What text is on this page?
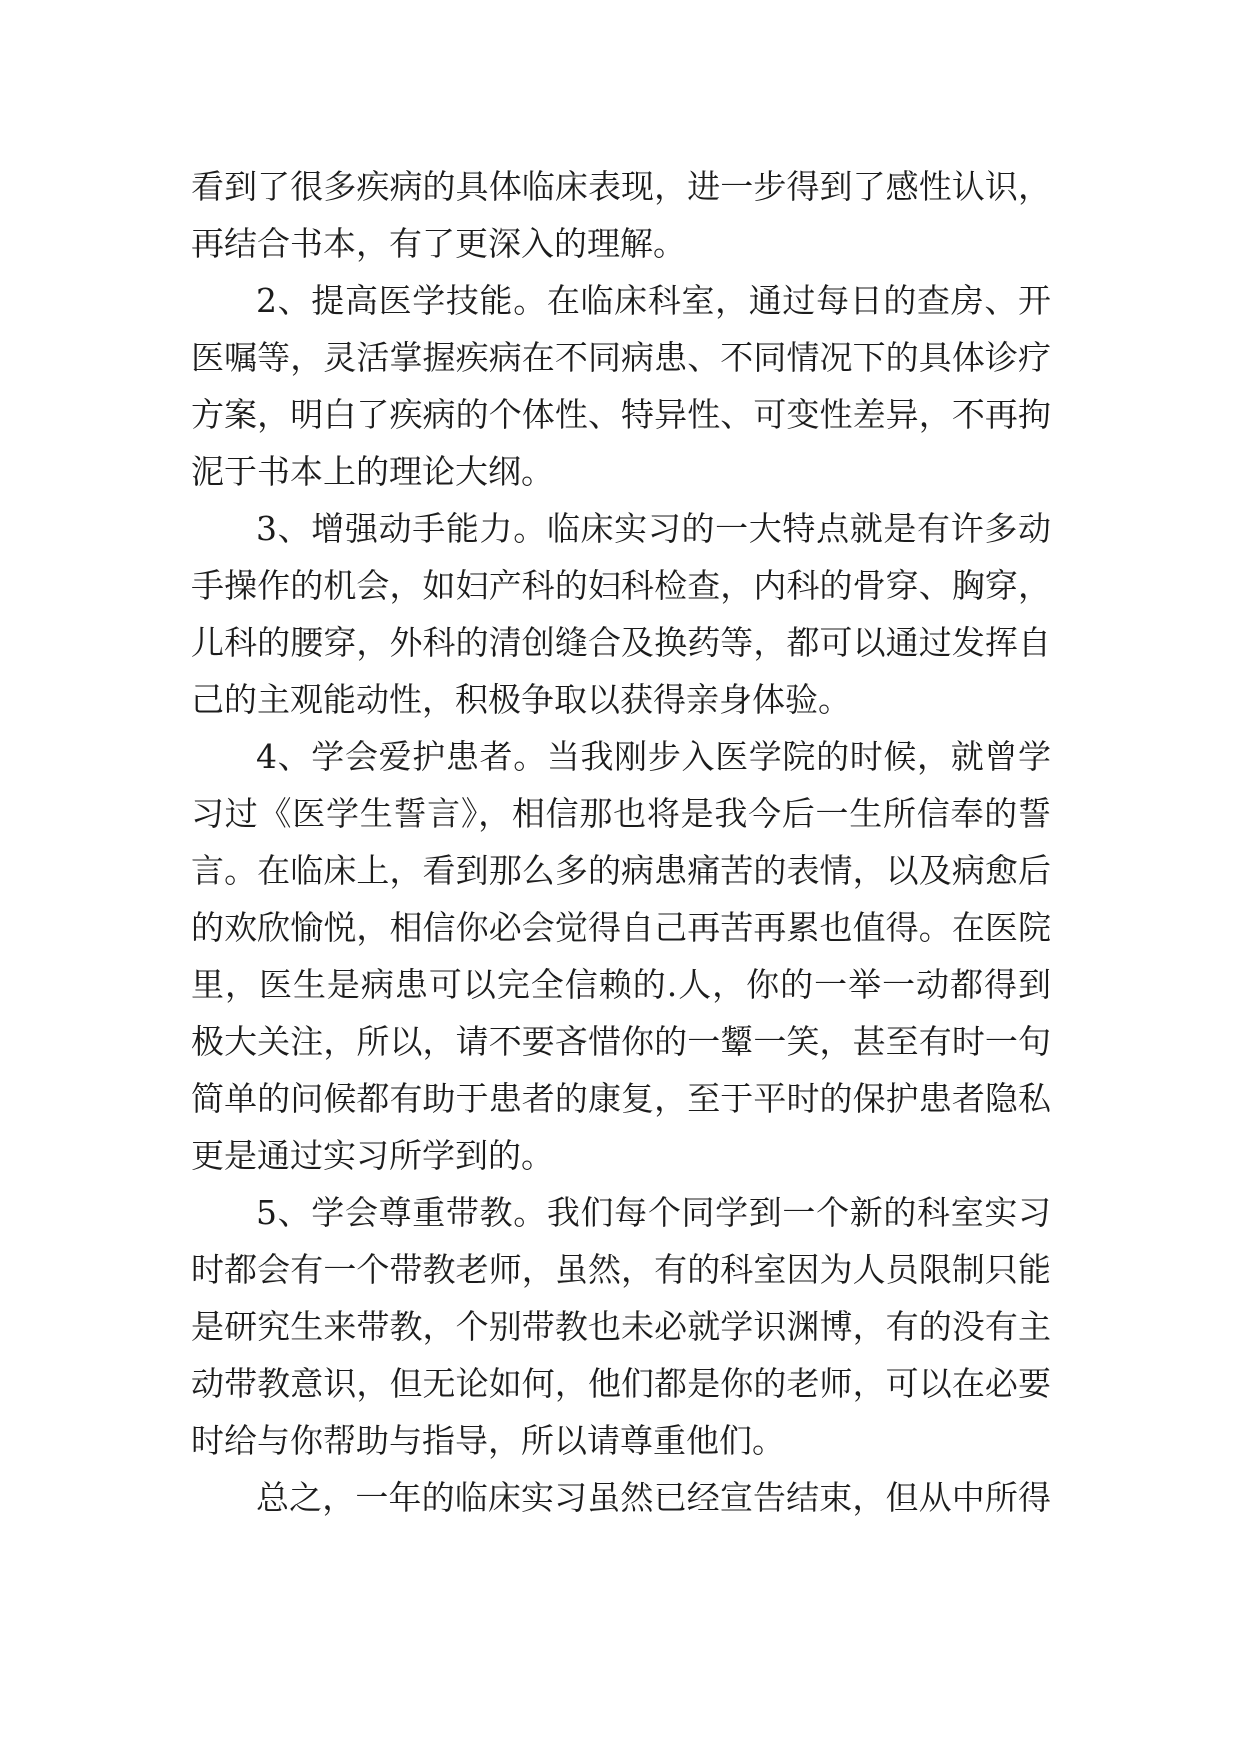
看到了很多疾病的具体临床表现，进一步得到了感性认识，
再结合书本，有了更深入的理解。
2、提高医学技能。在临床科室，通过每日的查房、开
医嘱等，灵活掌握疾病在不同病患、不同情况下的具体诊疗
方案，明白了疾病的个体性、特异性、可变性差异，不再拘
泥于书本上的理论大纲。
3、增强动手能力。临床实习的一大特点就是有许多动
手操作的机会，如妇产科的妇科检查，内科的骨穿、胸穿，
儿科的腰穿，外科的清创缝合及换药等，都可以通过发挥自
己的主观能动性，积极争取以获得亲身体验。
4、学会爱护患者。当我刚步入医学院的时候，就曾学
习过《医学生誓言》，相信那也将是我今后一生所信奉的誓
言。在临床上，看到那么多的病患痛苦的表情，以及病愈后
的欢欣愉悦，相信你必会觉得自己再苦再累也值得。在医院
里，医生是病患可以完全信赖的.人，你的一举一动都得到
极大关注，所以，请不要吝惜你的一颦一笑，甚至有时一句
简单的问候都有助于患者的康复，至于平时的保护患者隐私
更是通过实习所学到的。
5、学会尊重带教。我们每个同学到一个新的科室实习
时都会有一个带教老师，虽然，有的科室因为人员限制只能
是研究生来带教，个别带教也未必就学识渊博，有的没有主
动带教意识，但无论如何，他们都是你的老师，可以在必要
时给与你帮助与指导，所以请尊重他们。
总之，一年的临床实习虽然已经宣告结束，但从中所得
